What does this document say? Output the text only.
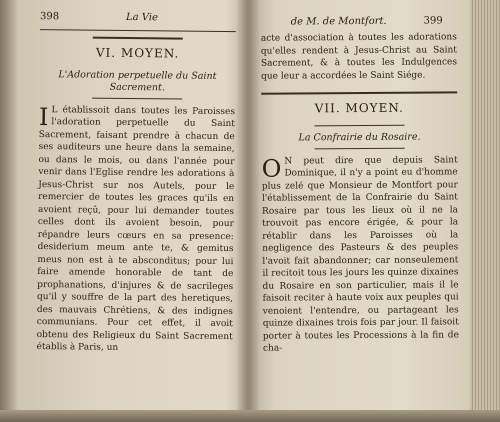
398	La Vie
VI. MOYEN.
L'Adoration perpetuelle du Saint
Sacrement.
I L établissoit dans toutes les Paroisses l'adoration perpetuelle du Saint Sacrement, faisant prendre à chacun de ses auditeurs une heure dans la semaine, ou dans le mois, ou dans l'année pour venir dans l'Eglise rendre les adorations à Jesus-Christ sur nos Autels, pour le remercier de toutes les graces qu'ils en avoient reçû, pour lui demander toutes celles dont ils avoient besoin, pour répandre leurs cœurs en sa presence: desiderium meum ante te, & gemitus meus non est à te absconditus; pour lui faire amende honorable de tant de prophanations, d'injures & de sacrileges qu'il y souffre de la part des heretiques, des mauvais Chrétiens, & des indignes communians. Pour cet effet, il avoit obtenu des Religieux du Saint Sacrement établis à Paris, un

de M. de Montfort.	399

acte d'association à toutes les adorations qu'elles rendent à Jesus-Christ au Saint Sacrement, & à toutes les Indulgences que leur a accordées le Saint Siége.

VII. MOYEN.
La Confrairie du Rosaire.
O N peut dire que depuis Saint Dominique, il n'y a point eu d'homme plus zelé que Monsieur de Montfort pour l'établissement de la Confrairie du Saint Rosaire par tous les lieux où il ne la trouvoit pas encore érigée, & pour la rétablir dans les Paroisses où la negligence des Pasteurs & des peuples l'avoit fait abandonner; car nonseulement il recitoit tous les jours les quinze dixaines du Rosaire en son particulier, mais il le faisoit reciter à haute voix aux peuples qui venoient l'entendre, ou partageant les quinze dixaines trois fois par jour. Il faisoit porter à toutes les Processions à la fin de cha-
